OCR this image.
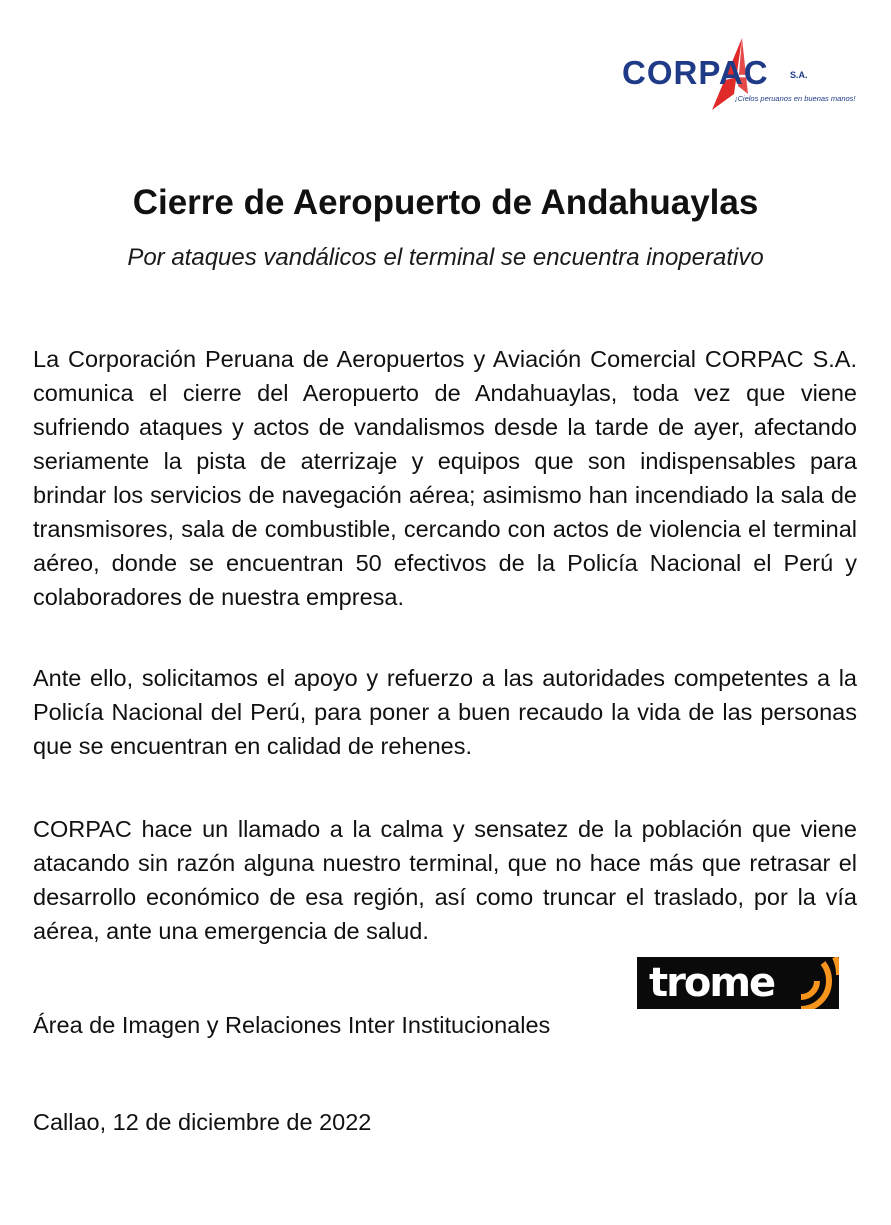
CORPAC S.A.
¡Cielos peruanos en buenas manos!
Cierre de Aeropuerto de Andahuaylas
Por ataques vandálicos el terminal se encuentra inoperativo

La Corporación Peruana de Aeropuertos y Aviación Comercial CORPAC S.A. comunica el cierre del Aeropuerto de Andahuaylas, toda vez que viene sufriendo ataques y actos de vandalismos desde la tarde de ayer, afectando seriamente la pista de aterrizaje y equipos que son indispensables para brindar los servicios de navegación aérea; asimismo han incendiado la sala de transmisores, sala de combustible, cercando con actos de violencia el terminal aéreo, donde se encuentran 50 efectivos de la Policía Nacional el Perú y colaboradores de nuestra empresa.

Ante ello, solicitamos el apoyo y refuerzo a las autoridades competentes a la Policía Nacional del Perú, para poner a buen recaudo la vida de las personas que se encuentran en calidad de rehenes.

CORPAC hace un llamado a la calma y sensatez de la población que viene atacando sin razón alguna nuestro terminal, que no hace más que retrasar el desarrollo económico de esa región, así como truncar el traslado, por la vía aérea, ante una emergencia de salud.

trome
Área de Imagen y Relaciones Inter Institucionales
Callao, 12 de diciembre de 2022
